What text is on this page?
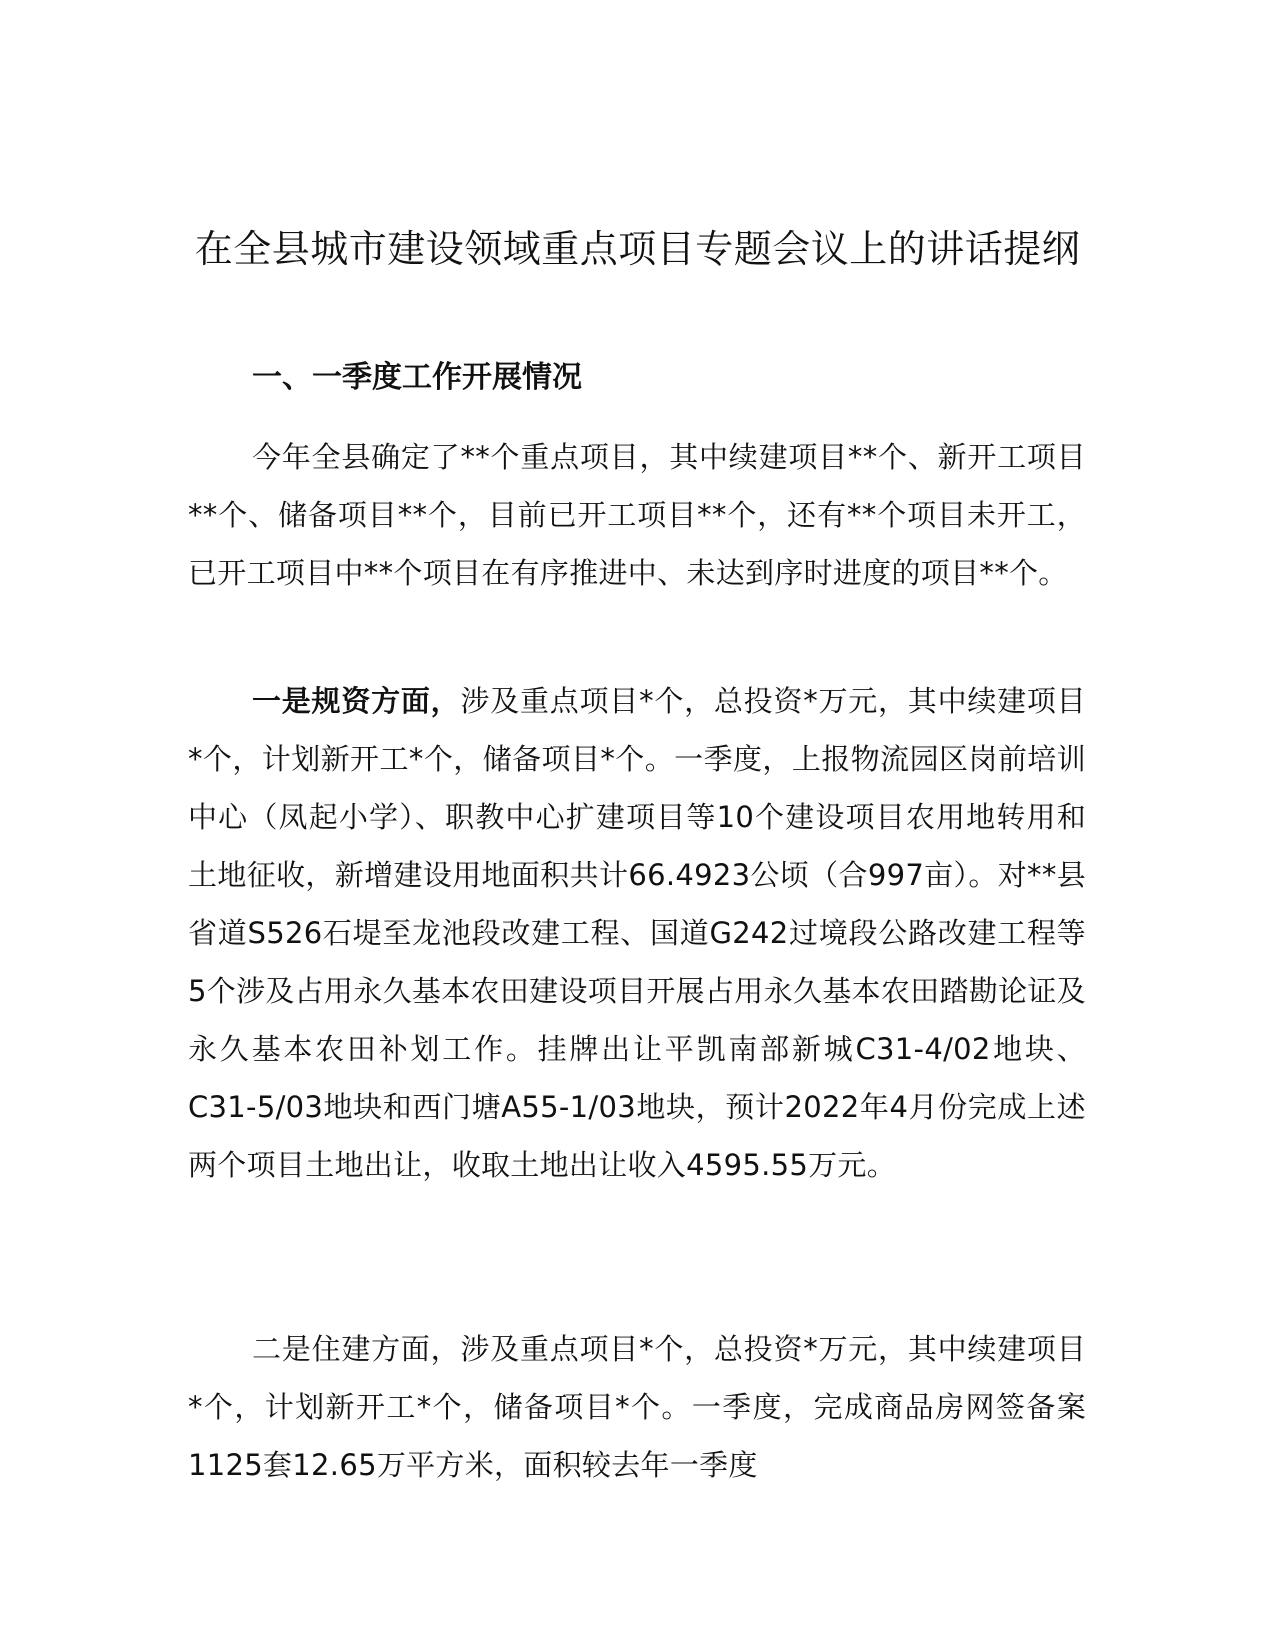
在全县城市建设领域重点项目专题会议上的讲话提纲
一、一季度工作开展情况

今年全县确定了**个重点项目，其中续建项目**个、新开工项目**个、储备项目**个，目前已开工项目**个，还有**个项目未开工，已开工项目中**个项目在有序推进中、未达到序时进度的项目**个。

一是规资方面，涉及重点项目*个，总投资*万元，其中续建项目*个，计划新开工*个，储备项目*个。一季度，上报物流园区岗前培训中心（凤起小学）、职教中心扩建项目等10个建设项目农用地转用和土地征收，新增建设用地面积共计66.4923公顷（合997亩）。对**县省道S526石堤至龙池段改建工程、国道G242过境段公路改建工程等5个涉及占用永久基本农田建设项目开展占用永久基本农田踏勘论证及永久基本农田补划工作。挂牌出让平凯南部新城C31-4/02地块、C31-5/03地块和西门塘A55-1/03地块，预计2022年4月份完成上述两个项目土地出让，收取土地出让收入4595.55万元。

二是住建方面，涉及重点项目*个，总投资*万元，其中续建项目*个，计划新开工*个，储备项目*个。一季度，完成商品房网签备案1125套12.65万平方米，面积较去年一季度
